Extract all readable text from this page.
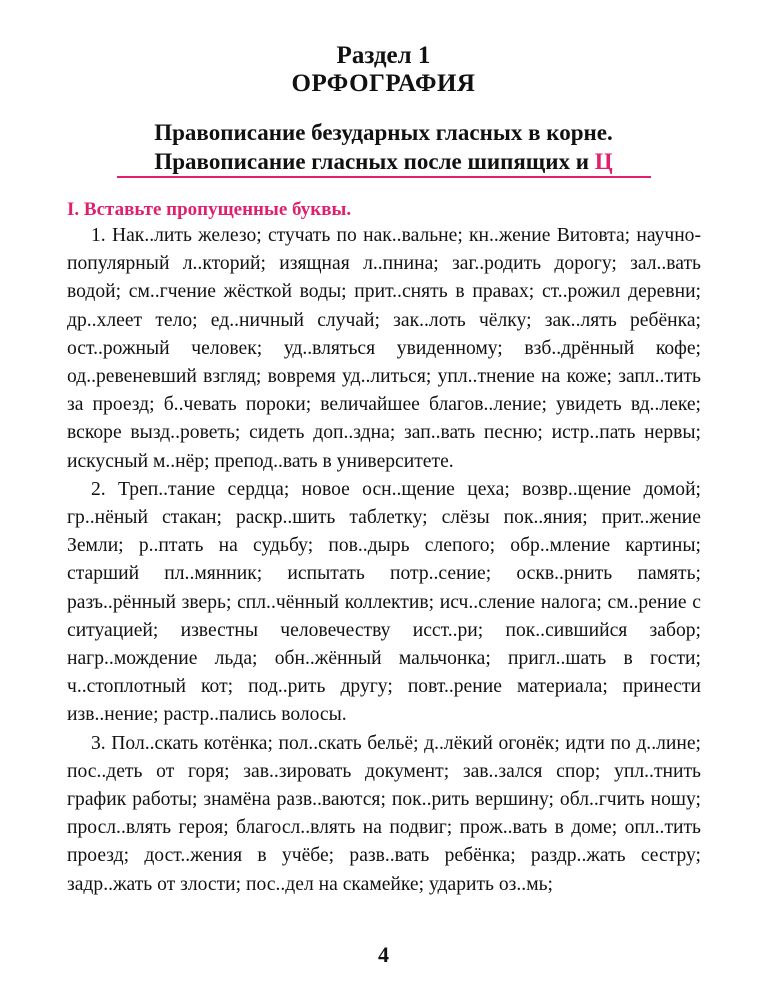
Раздел 1
ОРФОГРАФИЯ
Правописание безударных гласных в корне.
Правописание гласных после шипящих и Ц
I. Вставьте пропущенные буквы.

1. Нак..лить железо; стучать по нак..вальне; кн..жение Витовта; научно-популярный л..кторий; изящная л..пнина; заг..родить дорогу; зал..вать водой; см..гчение жёсткой воды; прит..снять в правах; ст..рожил деревни; др..хлеет тело; ед..ничный случай; зак..лоть чёлку; зак..лять ребёнка; ост..рожный человек; уд..вляться увиденному; взб..дрённый кофе; од..ревеневший взгляд; вовремя уд..литься; упл..тнение на коже; запл..тить за проезд; б..чевать пороки; величайшее благов..ление; увидеть вд..леке; вскоре вызд..роветь; сидеть доп..здна; зап..вать песню; истр..пать нервы; искусный м..нёр; препод..вать в университете.

2. Треп..тание сердца; новое осн..щение цеха; возвр..щение домой; гр..нёный стакан; раскр..шить таблетку; слёзы пок..яния; прит..жение Земли; р..птать на судьбу; пов..дырь слепого; обр..мление картины; старший пл..мянник; испытать потр..сение; оскв..рнить память; разъ..рённый зверь; спл..чённый коллектив; исч..сление налога; см..рение с ситуацией; известны человечеству исст..ри; пок..сившийся забор; нагр..мождение льда; обн..жённый мальчонка; пригл..шать в гости; ч..стоплотный кот; под..рить другу; повт..рение материала; принести изв..нение; растр..пались волосы.

3. Пол..скать котёнка; пол..скать бельё; д..лёкий огонёк; идти по д..лине; пос..деть от горя; зав..зировать документ; зав..зался спор; упл..тнить график работы; знамёна разв..ваются; пок..рить вершину; обл..гчить ношу; просл..влять героя; благосл..влять на подвиг; прож..вать в доме; опл..тить проезд; дост..жения в учёбе; разв..вать ребёнка; раздр..жать сестру; задр..жать от злости; пос..дел на скамейке; ударить оз..мь;

4
